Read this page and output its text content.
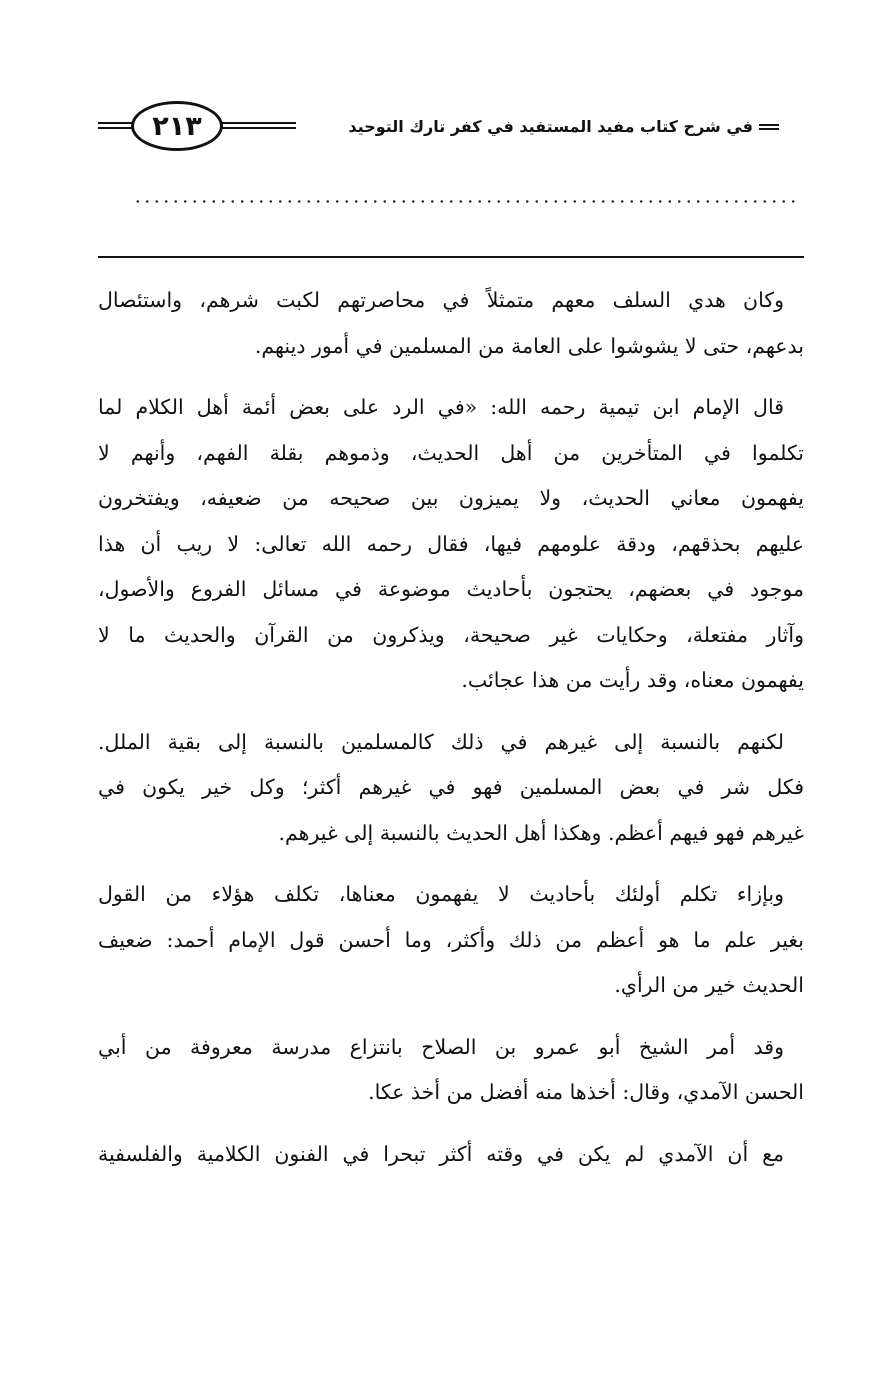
في شرح كتاب مفيد المستفيد في كفر تارك التوحيد
٢١٣

وكان هدي السلف معهم متمثلاً في محاصرتهم لكبت شرهم، واستئصال
بدعهم، حتى لا يشوشوا على العامة من المسلمين في أمور دينهم.

قال الإمام ابن تيمية رحمه الله: «في الرد على بعض أئمة أهل الكلام لما
تكلموا في المتأخرين من أهل الحديث، وذموهم بقلة الفهم، وأنهم لا
يفهمون معاني الحديث، ولا يميزون بين صحيحه من ضعيفه، ويفتخرون
عليهم بحذقهم، ودقة علومهم فيها، فقال رحمه الله تعالى: لا ريب أن هذا
موجود في بعضهم، يحتجون بأحاديث موضوعة في مسائل الفروع والأصول،
وآثار مفتعلة، وحكايات غير صحيحة، ويذكرون من القرآن والحديث ما لا
يفهمون معناه، وقد رأيت من هذا عجائب.

لكنهم بالنسبة إلى غيرهم في ذلك كالمسلمين بالنسبة إلى بقية الملل.
فكل شر في بعض المسلمين فهو في غيرهم أكثر؛ وكل خير يكون في
غيرهم فهو فيهم أعظم. وهكذا أهل الحديث بالنسبة إلى غيرهم.

وبإزاء تكلم أولئك بأحاديث لا يفهمون معناها، تكلف هؤلاء من القول
بغير علم ما هو أعظم من ذلك وأكثر، وما أحسن قول الإمام أحمد: ضعيف
الحديث خير من الرأي.

وقد أمر الشيخ أبو عمرو بن الصلاح بانتزاع مدرسة معروفة من أبي
الحسن الآمدي، وقال: أخذها منه أفضل من أخذ عكا.

مع أن الآمدي لم يكن في وقته أكثر تبحرا في الفنون الكلامية والفلسفية
